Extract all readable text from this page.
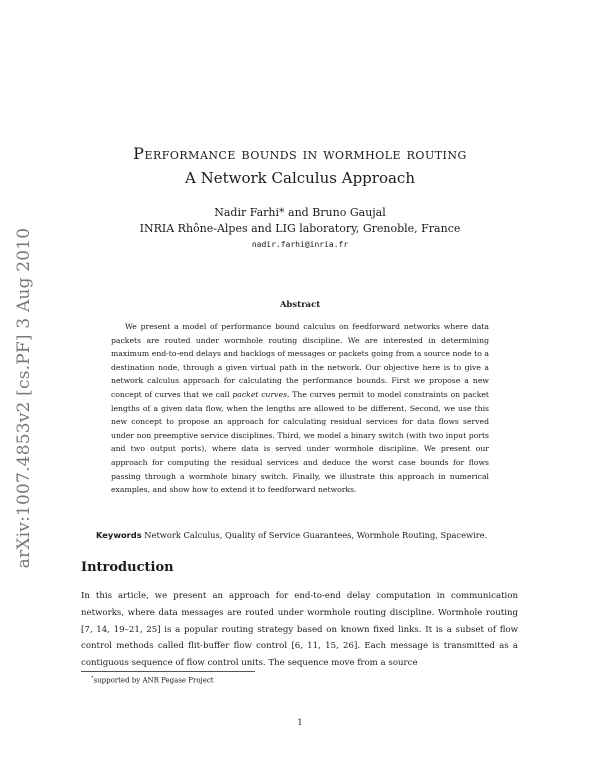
arXiv:1007.4853v2 [cs.PF] 3 Aug 2010
Performance bounds in wormhole routing
A Network Calculus Approach
Nadir Farhi* and Bruno Gaujal
INRIA Rhône-Alpes and LIG laboratory, Grenoble, France
nadir.farhi@inria.fr
Abstract

We present a model of performance bound calculus on feedforward networks where data packets are routed under wormhole routing discipline. We are interested in determining maximum end-to-end delays and backlogs of messages or packets going from a source node to a destination node, through a given virtual path in the network. Our objective here is to give a network calculus approach for calculating the performance bounds. First we propose a new concept of curves that we call packet curves. The curves permit to model constraints on packet lengths of a given data flow, when the lengths are allowed to be different. Second, we use this new concept to propose an approach for calculating residual services for data flows served under non preemptive service disciplines. Third, we model a binary switch (with two input ports and two output ports), where data is served under wormhole discipline. We present our approach for computing the residual services and deduce the worst case bounds for flows passing through a wormhole binary switch. Finally, we illustrate this approach in numerical examples, and show how to extend it to feedforward networks.

Keywords Network Calculus, Quality of Service Guarantees, Wormhole Routing, Spacewire.

Introduction

In this article, we present an approach for end-to-end delay computation in communication networks, where data messages are routed under wormhole routing discipline. Wormhole routing [7, 14, 19–21, 25] is a popular routing strategy based on known fixed links. It is a subset of flow control methods called flit-buffer flow control [6, 11, 15, 26]. Each message is transmitted as a contiguous sequence of flow control units. The sequence move from a source

*supported by ANR Pegase Project

1
